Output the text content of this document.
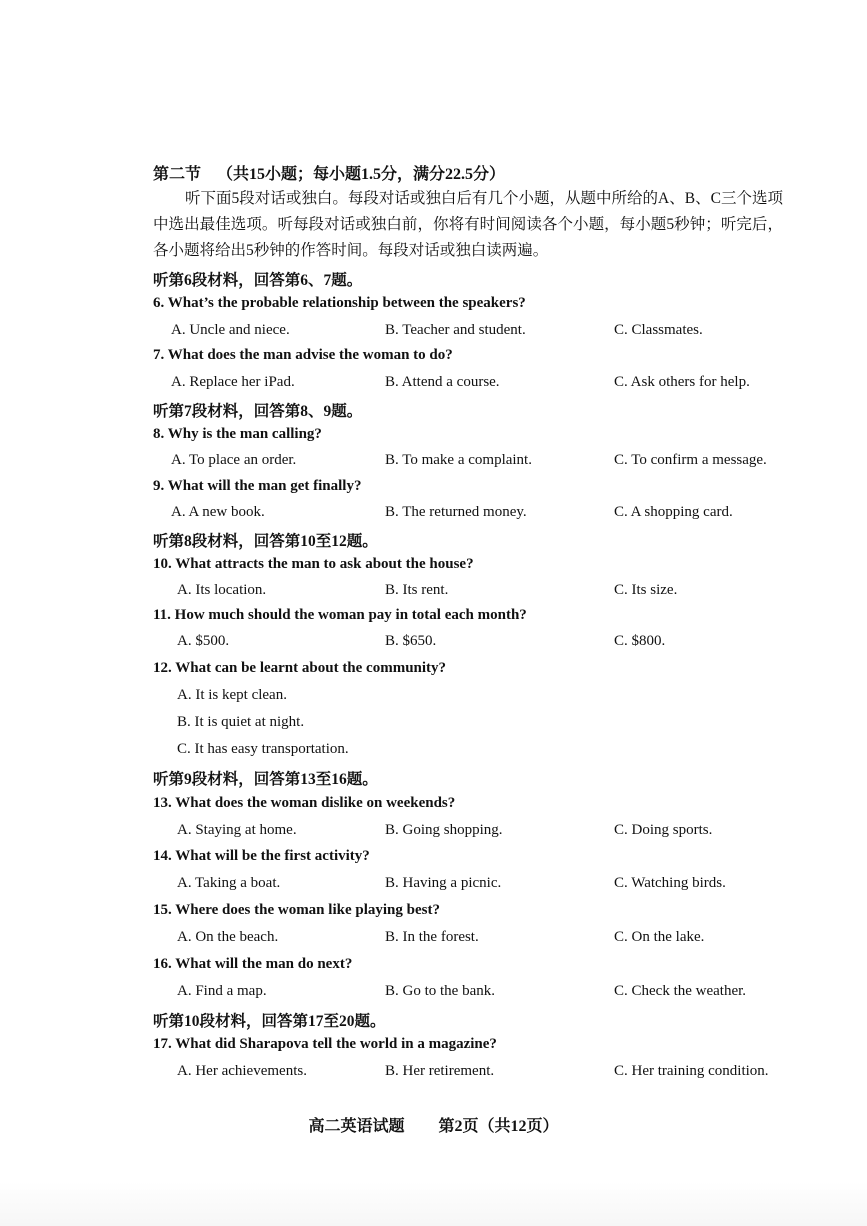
第二节 （共15小题；每小题1.5分，满分22.5分）

听下面5段对话或独白。每段对话或独白后有几个小题，从题中所给的A、B、C三个选项中选出最佳选项。听每段对话或独白前，你将有时间阅读各个小题，每小题5秒钟；听完后，各小题将给出5秒钟的作答时间。每段对话或独白读两遍。

听第6段材料，回答第6、7题。
6. What’s the probable relationship between the speakers?
A. Uncle and niece.	B. Teacher and student.	C. Classmates.
7. What does the man advise the woman to do?
A. Replace her iPad.	B. Attend a course.	C. Ask others for help.
听第7段材料，回答第8、9题。
8. Why is the man calling?
A. To place an order.	B. To make a complaint.	C. To confirm a message.
9. What will the man get finally?
A. A new book.	B. The returned money.	C. A shopping card.
听第8段材料，回答第10至12题。
10. What attracts the man to ask about the house?
A. Its location.	B. Its rent.	C. Its size.
11. How much should the woman pay in total each month?
A. $500.	B. $650.	C. $800.
12. What can be learnt about the community?
A. It is kept clean.
B. It is quiet at night.
C. It has easy transportation.
听第9段材料，回答第13至16题。
13. What does the woman dislike on weekends?
A. Staying at home.	B. Going shopping.	C. Doing sports.
14. What will be the first activity?
A. Taking a boat.	B. Having a picnic.	C. Watching birds.
15. Where does the woman like playing best?
A. On the beach.	B. In the forest.	C. On the lake.
16. What will the man do next?
A. Find a map.	B. Go to the bank.	C. Check the weather.
听第10段材料，回答第17至20题。
17. What did Sharapova tell the world in a magazine?
A. Her achievements.	B. Her retirement.	C. Her training condition.
高二英语试题 第2页（共12页）
